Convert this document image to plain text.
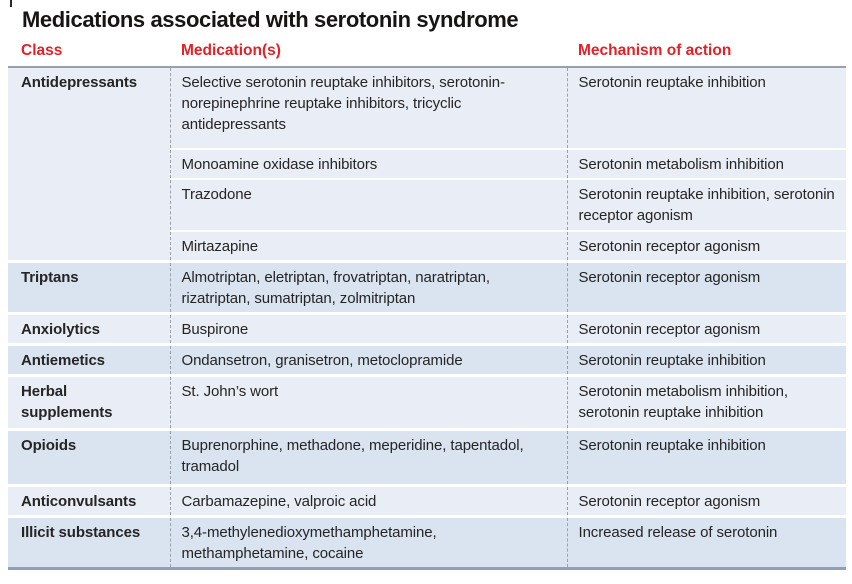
Medications associated with serotonin syndrome
Class	Medication(s)	Mechanism of action
Antidepressants	Selective serotonin reuptake inhibitors, serotonin-norepinephrine reuptake inhibitors, tricyclic antidepressants	Serotonin reuptake inhibition
	Monoamine oxidase inhibitors	Serotonin metabolism inhibition
	Trazodone	Serotonin reuptake inhibition, serotonin receptor agonism
	Mirtazapine	Serotonin receptor agonism
Triptans	Almotriptan, eletriptan, frovatriptan, naratriptan, rizatriptan, sumatriptan, zolmitriptan	Serotonin receptor agonism
Anxiolytics	Buspirone	Serotonin receptor agonism
Antiemetics	Ondansetron, granisetron, metoclopramide	Serotonin reuptake inhibition
Herbal supplements	St. John’s wort	Serotonin metabolism inhibition, serotonin reuptake inhibition
Opioids	Buprenorphine, methadone, meperidine, tapentadol, tramadol	Serotonin reuptake inhibition
Anticonvulsants	Carbamazepine, valproic acid	Serotonin receptor agonism
Illicit substances	3,4-methylenedioxymethamphetamine, methamphetamine, cocaine	Increased release of serotonin
